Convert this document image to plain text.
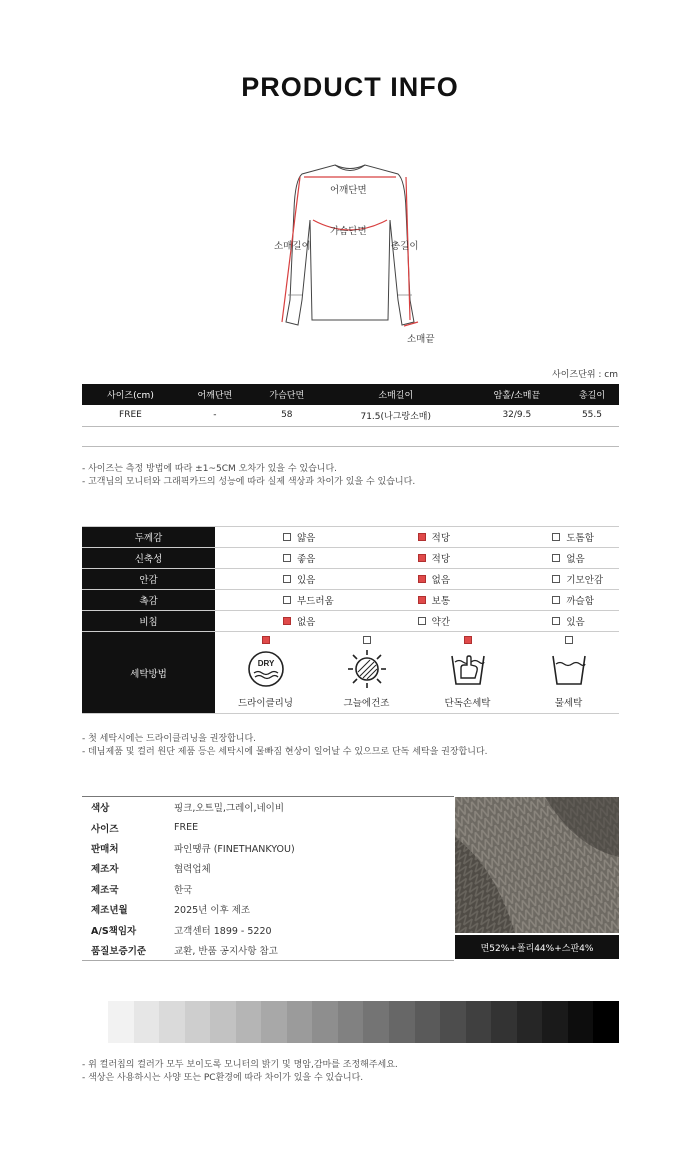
PRODUCT INFO
어깨단면
가슴단면
소매길이	총길이
소매끝
사이즈단위 : cm
사이즈(cm)	어깨단면	가슴단면	소매길이	암홀/소매끝	총길이
FREE	-	58	71.5(나그랑소매)	32/9.5	55.5

- 사이즈는 측정 방법에 따라 ±1~5CM 오차가 있을 수 있습니다.
- 고객님의 모니터와 그래픽카드의 성능에 따라 실제 색상과 차이가 있을 수 있습니다.
두께감	얇음	적당	도톰함
신축성	좋음	적당	없음
안감	있음	없음	기모안감
촉감	부드러움	보통	까슬함
비침	없음	약간	있음
세탁방법
DRY
드라이클리닝	그늘에건조	단독손세탁	물세탁
- 첫 세탁시에는 드라이클리닝을 권장합니다.
- 데님제품 및 컬러 원단 제품 등은 세탁시에 물빠짐 현상이 일어날 수 있으므로 단독 세탁을 권장합니다.
색상	핑크,오트밀,그레이,네이비
사이즈	FREE
판매처	파인땡큐 (FINETHANKYOU)
제조자	협력업체
제조국	한국
제조년월	2025년 이후 제조
A/S책임자	고객센터 1899 - 5220
품질보증기준	교환, 반품 공지사항 참고	면52%+폴리44%+스판4%
- 위 컬러칩의 컬러가 모두 보이도록 모니터의 밝기 및 명암,감마를 조정해주세요.
- 색상은 사용하시는 사양 또는 PC환경에 따라 차이가 있을 수 있습니다.
